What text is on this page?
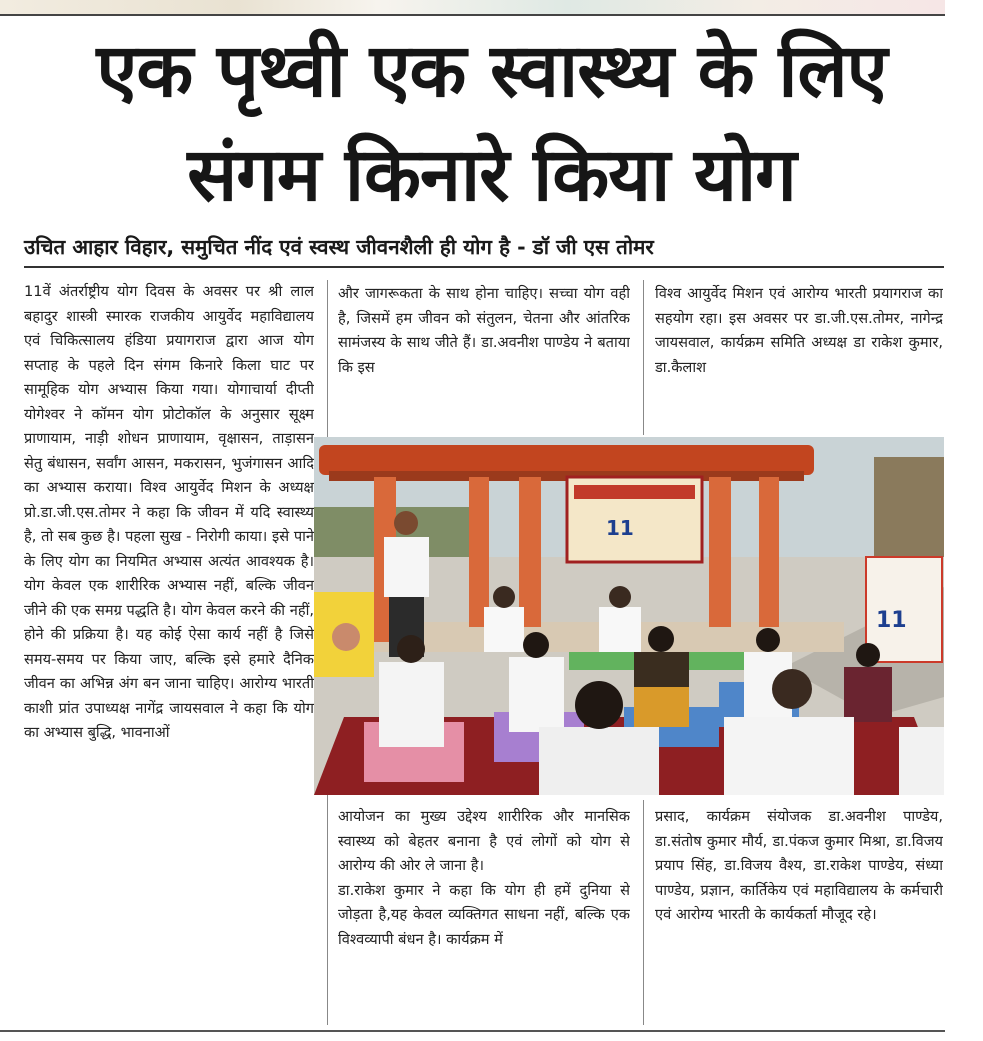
एक पृथ्वी एक स्वास्थ्य के लिए
संगम किनारे किया योग
उचित आहार विहार, समुचित नींद एवं स्वस्थ जीवनशैली ही योग है - डॉ जी एस तोमर

11वें अंतर्राष्ट्रीय योग दिवस के अवसर पर श्री लाल बहादुर शास्त्री स्मारक राजकीय आयुर्वेद महाविद्यालय एवं चिकित्सालय हंडिया प्रयागराज द्वारा आज योग सप्ताह के पहले दिन संगम किनारे किला घाट पर सामूहिक योग अभ्यास किया गया। योगाचार्या दीप्ती योगेश्वर ने कॉमन योग प्रोटोकॉल के अनुसार सूक्ष्म प्राणायाम, नाड़ी शोधन प्राणायाम, वृक्षासन, ताड़ासन सेतु बंधासन, सर्वांग आसन, मकरासन, भुजंगासन आदि का अभ्यास कराया। विश्व आयुर्वेद मिशन के अध्यक्ष प्रो.डा.जी.एस.तोमर ने कहा कि जीवन में यदि स्वास्थ्य है, तो सब कुछ है। पहला सुख - निरोगी काया। इसे पाने के लिए योग का नियमित अभ्यास अत्यंत आवश्यक है।योग केवल एक शारीरिक अभ्यास नहीं, बल्कि जीवन जीने की एक समग्र पद्धति है। योग केवल करने की नहीं, होने की प्रक्रिया है। यह कोई ऐसा कार्य नहीं है जिसे समय-समय पर किया जाए, बल्कि इसे हमारे दैनिक जीवन का अभिन्न अंग बन जाना चाहिए। आरोग्य भारती काशी प्रांत उपाध्यक्ष नागेंद्र जायसवाल ने कहा कि योग का अभ्यास बुद्धि, भावनाओं

और जागरूकता के साथ होना चाहिए। सच्चा योग वही है, जिसमें हम जीवन को संतुलन, चेतना और आंतरिक सामंजस्य के साथ जीते हैं। डा.अवनीश पाण्डेय ने बताया कि इस

विश्व आयुर्वेद मिशन एवं आरोग्य भारती प्रयागराज का सहयोग रहा। इस अवसर पर डा.जी.एस.तोमर, नागेन्द्र जायसवाल, कार्यक्रम समिति अध्यक्ष डा राकेश कुमार, डा.कैलाश

11
11

आयोजन का मुख्य उद्देश्य शारीरिक और मानसिक स्वास्थ्य को बेहतर बनाना है एवं लोगों को योग से आरोग्य की ओर ले जाना है।

डा.राकेश कुमार ने कहा कि योग ही हमें दुनिया से जोड़ता है,यह केवल व्यक्तिगत साधना नहीं, बल्कि एक विश्वव्यापी बंधन है। कार्यक्रम में

प्रसाद, कार्यक्रम संयोजक डा.अवनीश पाण्डेय, डा.संतोष कुमार मौर्य, डा.पंकज कुमार मिश्रा, डा.विजय प्रयाप सिंह, डा.विजय वैश्य, डा.राकेश पाण्डेय, संध्या पाण्डेय, प्रज्ञान, कार्तिकेय एवं महाविद्यालय के कर्मचारी एवं आरोग्य भारती के कार्यकर्ता मौजूद रहे।
